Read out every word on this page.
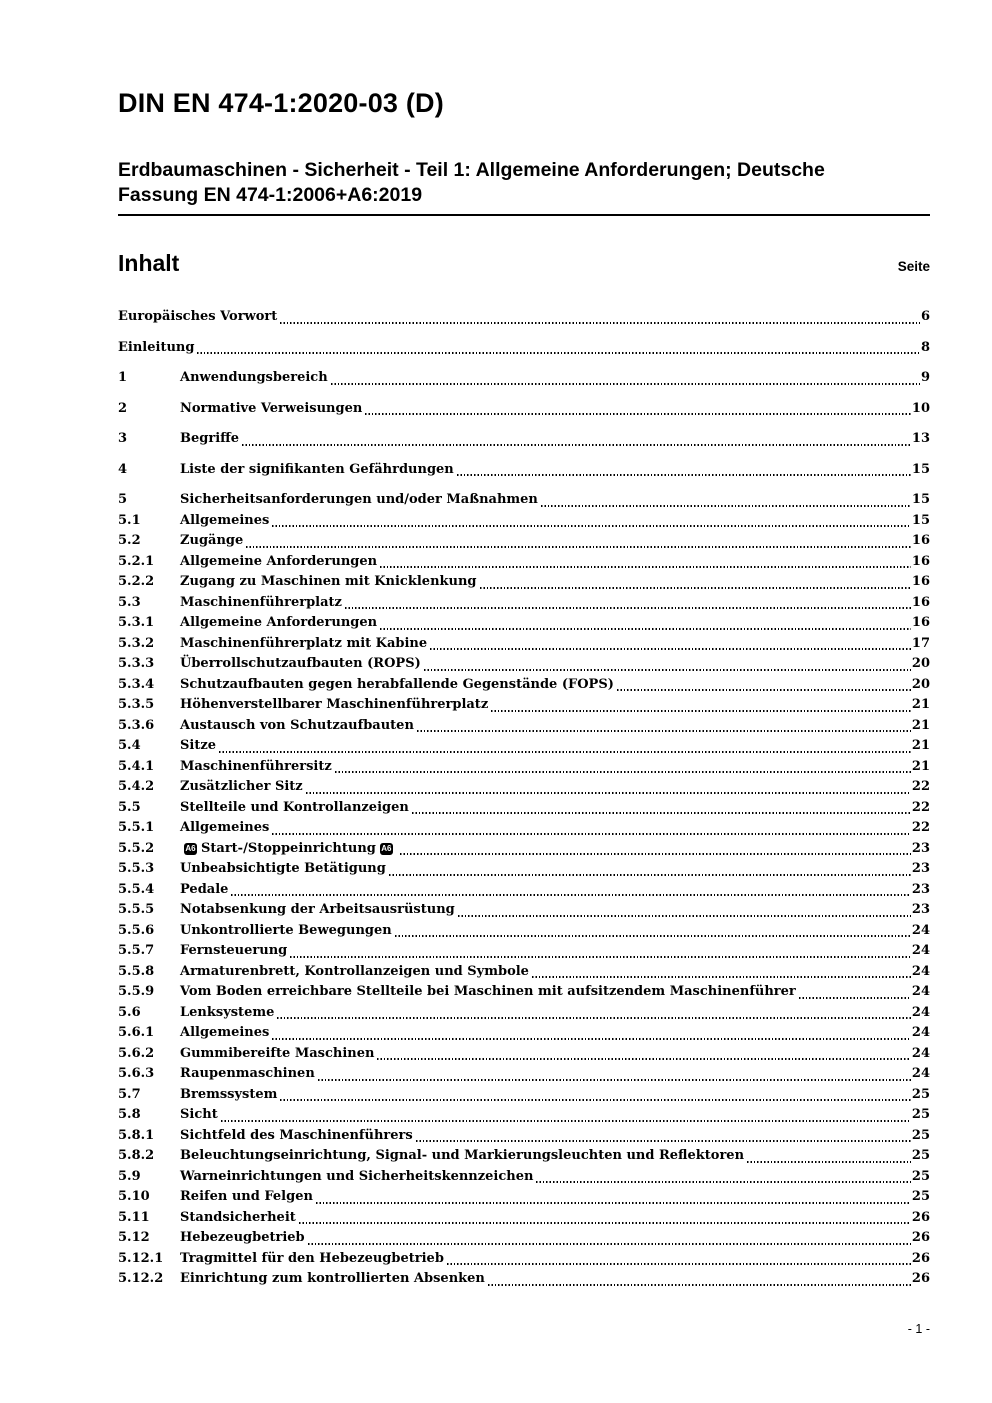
DIN EN 474-1:2020-03 (D)
Erdbaumaschinen - Sicherheit - Teil 1: Allgemeine Anforderungen; Deutsche
Fassung EN 474-1:2006+A6:2019
Inhalt	Seite
Europäisches Vorwort	6
Einleitung	8
1	Anwendungsbereich	9
2	Normative Verweisungen	10
3	Begriffe	13
4	Liste der signifikanten Gefährdungen	15
5	Sicherheitsanforderungen und/oder Maßnahmen	15
5.1	Allgemeines	15
5.2	Zugänge	16
5.2.1	Allgemeine Anforderungen	16
5.2.2	Zugang zu Maschinen mit Knicklenkung	16
5.3	Maschinenführerplatz	16
5.3.1	Allgemeine Anforderungen	16
5.3.2	Maschinenführerplatz mit Kabine	17
5.3.3	Überrollschutzaufbauten (ROPS)	20
5.3.4	Schutzaufbauten gegen herabfallende Gegenstände (FOPS)	20
5.3.5	Höhenverstellbarer Maschinenführerplatz	21
5.3.6	Austausch von Schutzaufbauten	21
5.4	Sitze	21
5.4.1	Maschinenführersitz	21
5.4.2	Zusätzlicher Sitz	22
5.5	Stellteile und Kontrollanzeigen	22
5.5.1	Allgemeines	22
5.5.2	A6 Start-/Stoppeinrichtung A6	23
5.5.3	Unbeabsichtigte Betätigung	23
5.5.4	Pedale	23
5.5.5	Notabsenkung der Arbeitsausrüstung	23
5.5.6	Unkontrollierte Bewegungen	24
5.5.7	Fernsteuerung	24
5.5.8	Armaturenbrett, Kontrollanzeigen und Symbole	24
5.5.9	Vom Boden erreichbare Stellteile bei Maschinen mit aufsitzendem Maschinenführer	24
5.6	Lenksysteme	24
5.6.1	Allgemeines	24
5.6.2	Gummibereifte Maschinen	24
5.6.3	Raupenmaschinen	24
5.7	Bremssystem	25
5.8	Sicht	25
5.8.1	Sichtfeld des Maschinenführers	25
5.8.2	Beleuchtungseinrichtung, Signal- und Markierungsleuchten und Reflektoren	25
5.9	Warneinrichtungen und Sicherheitskennzeichen	25
5.10	Reifen und Felgen	25
5.11	Standsicherheit	26
5.12	Hebezeugbetrieb	26
5.12.1	Tragmittel für den Hebezeugbetrieb	26
5.12.2	Einrichtung zum kontrollierten Absenken	26
- 1 -
